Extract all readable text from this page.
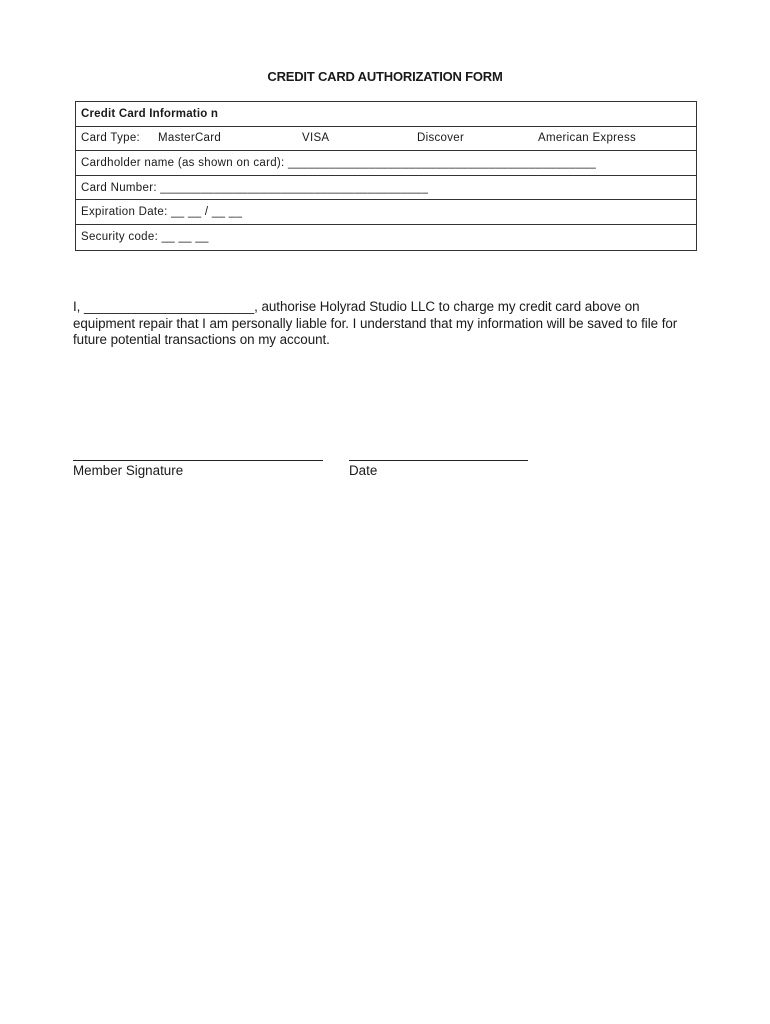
CREDIT CARD AUTHORIZATION FORM
Credit Card Informatio n
Card Type: MasterCard	VISA	Discover	American Express
Cardholder name (as shown on card): ______________________________________________
Card Number: ________________________________________
Expiration Date: __ __ / __ __
Security code: __ __ __
I, _______________________, authorise Holyrad Studio LLC to charge my credit card above on equipment repair that I am personally liable for. I understand that my information will be saved to file for future potential transactions on my account.
Member Signature	Date
